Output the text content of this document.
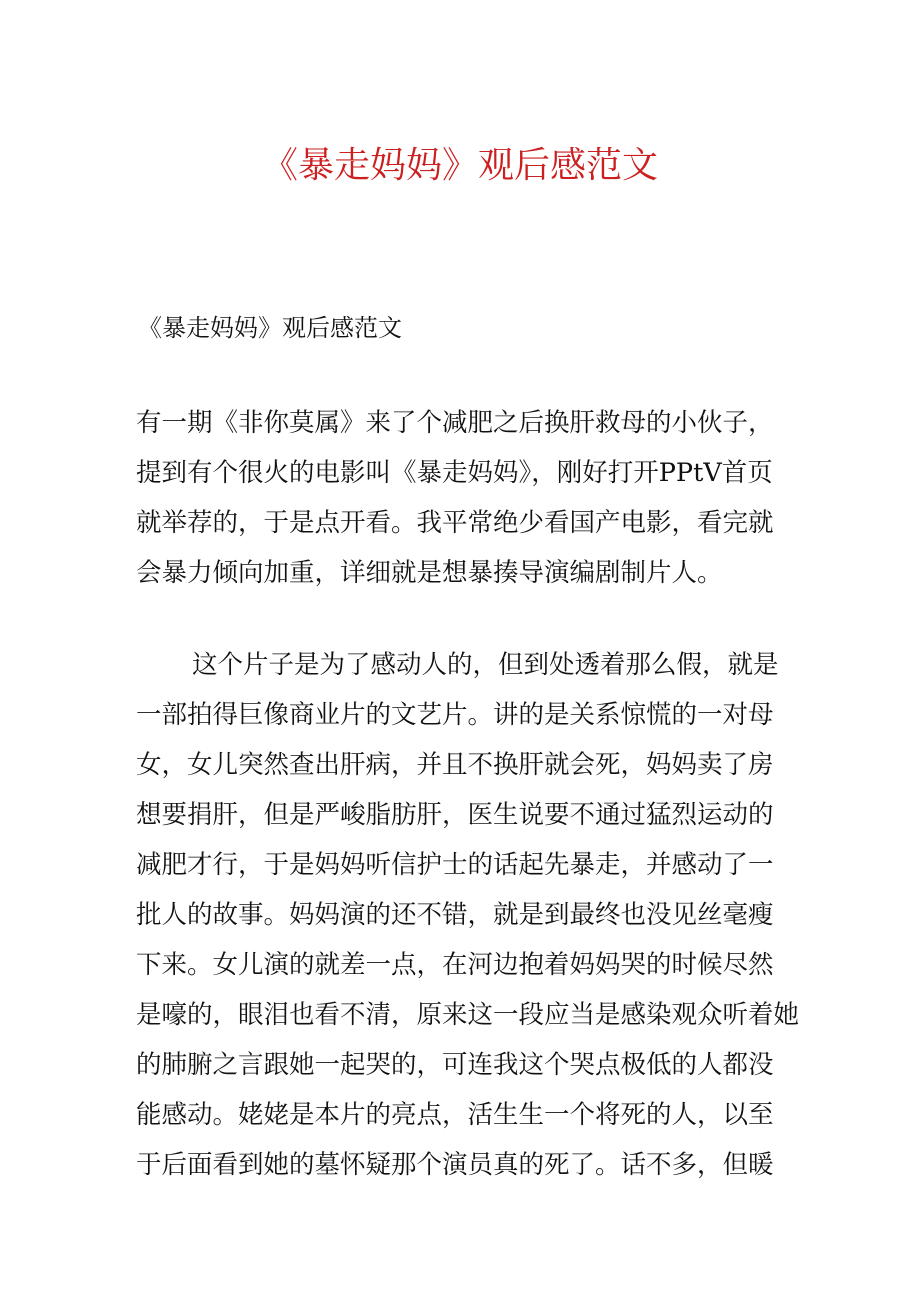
《暴走妈妈》观后感范文
《暴走妈妈》观后感范文
有一期《非你莫属》来了个减肥之后换肝救母的小伙子，
提到有个很火的电影叫《暴走妈妈》，刚好打开PPtV首页
就举荐的，于是点开看。我平常绝少看国产电影，看完就
会暴力倾向加重，详细就是想暴揍导演编剧制片人。
这个片子是为了感动人的，但到处透着那么假，就是
一部拍得巨像商业片的文艺片。讲的是关系惊慌的一对母
女，女儿突然查出肝病，并且不换肝就会死，妈妈卖了房
想要捐肝，但是严峻脂肪肝，医生说要不通过猛烈运动的
减肥才行，于是妈妈听信护士的话起先暴走，并感动了一
批人的故事。妈妈演的还不错，就是到最终也没见丝毫瘦
下来。女儿演的就差一点，在河边抱着妈妈哭的时候尽然
是嚎的，眼泪也看不清，原来这一段应当是感染观众听着她
的肺腑之言跟她一起哭的，可连我这个哭点极低的人都没
能感动。姥姥是本片的亮点，活生生一个将死的人，以至
于后面看到她的墓怀疑那个演员真的死了。话不多，但暖
